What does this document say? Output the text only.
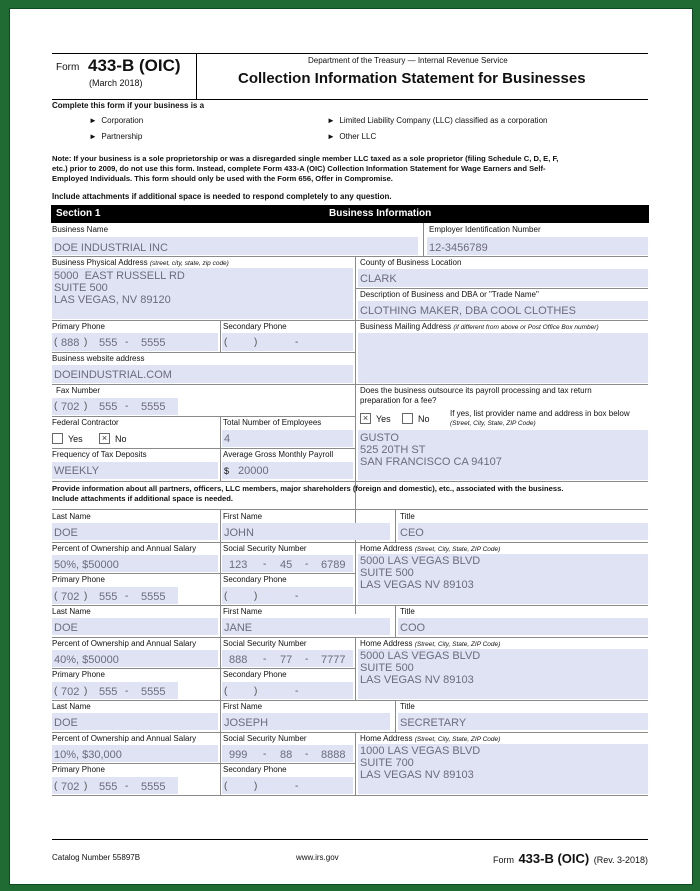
Form 433-B (OIC)
(March 2018)
Department of the Treasury — Internal Revenue Service
Collection Information Statement for Businesses
Complete this form if your business is a
► Corporation
► Partnership
► Limited Liability Company (LLC) classified as a corporation
► Other LLC
Note: If your business is a sole proprietorship or was a disregarded single member LLC taxed as a sole proprietor (filing Schedule C, D, E, F,
etc.) prior to 2009, do not use this form. Instead, complete Form 433-A (OIC) Collection Information Statement for Wage Earners and Self-
Employed Individuals. This form should only be used with the Form 656, Offer in Compromise.
Include attachments if additional space is needed to respond completely to any question.
Section 1	Business Information
Business Name
DOE INDUSTRIAL INC
Employer Identification Number
12-3456789
Business Physical Address (street, city, state, zip code)
5000  EAST RUSSELL RD
SUITE 500
LAS VEGAS, NV 89120
County of Business Location
CLARK
Description of Business and DBA or "Trade Name"
CLOTHING MAKER, DBA COOL CLOTHES
Primary Phone
( 888 ) 555 - 5555
Secondary Phone
(	)	-
Business Mailing Address (if different from above or Post Office Box number)
Business website address
DOEINDUSTRIAL.COM
Fax Number
( 702 ) 555 - 5555
Does the business outsource its payroll processing and tax return
preparation for a fee?
× Yes	No
If yes, list provider name and address in box below
(Street, City, State, ZIP Code)
GUSTO
525 20TH ST
SAN FRANCISCO CA 94107
Federal Contractor
Yes	× No
Total Number of Employees
4
Frequency of Tax Deposits
WEEKLY
Average Gross Monthly Payroll
$ 20000
Provide information about all partners, officers, LLC members, major shareholders (foreign and domestic), etc., associated with the business.
Include attachments if additional space is needed.
Last Name
DOE
First Name
JOHN
Title
CEO
Percent of Ownership and Annual Salary
50%, $50000
Social Security Number
123 - 45 - 6789
Home Address (Street, City, State, ZIP Code)
5000 LAS VEGAS BLVD
SUITE 500
LAS VEGAS NV 89103
Primary Phone
( 702 ) 555 - 5555
Secondary Phone
(	)	-
Last Name
DOE
First Name
JANE
Title
COO
Percent of Ownership and Annual Salary
40%, $50000
Social Security Number
888 - 77 - 7777
Home Address (Street, City, State, ZIP Code)
5000 LAS VEGAS BLVD
SUITE 500
LAS VEGAS NV 89103
Primary Phone
( 702 ) 555 - 5555
Secondary Phone
(	)	-
Last Name
DOE
First Name
JOSEPH
Title
SECRETARY
Percent of Ownership and Annual Salary
10%, $30,000
Social Security Number
999 - 88 - 8888
Home Address (Street, City, State, ZIP Code)
1000 LAS VEGAS BLVD
SUITE 700
LAS VEGAS NV 89103
Primary Phone
( 702 ) 555 - 5555
Secondary Phone
(	)	-
Catalog Number 55897B	www.irs.gov	Form 433-B (OIC) (Rev. 3-2018)
